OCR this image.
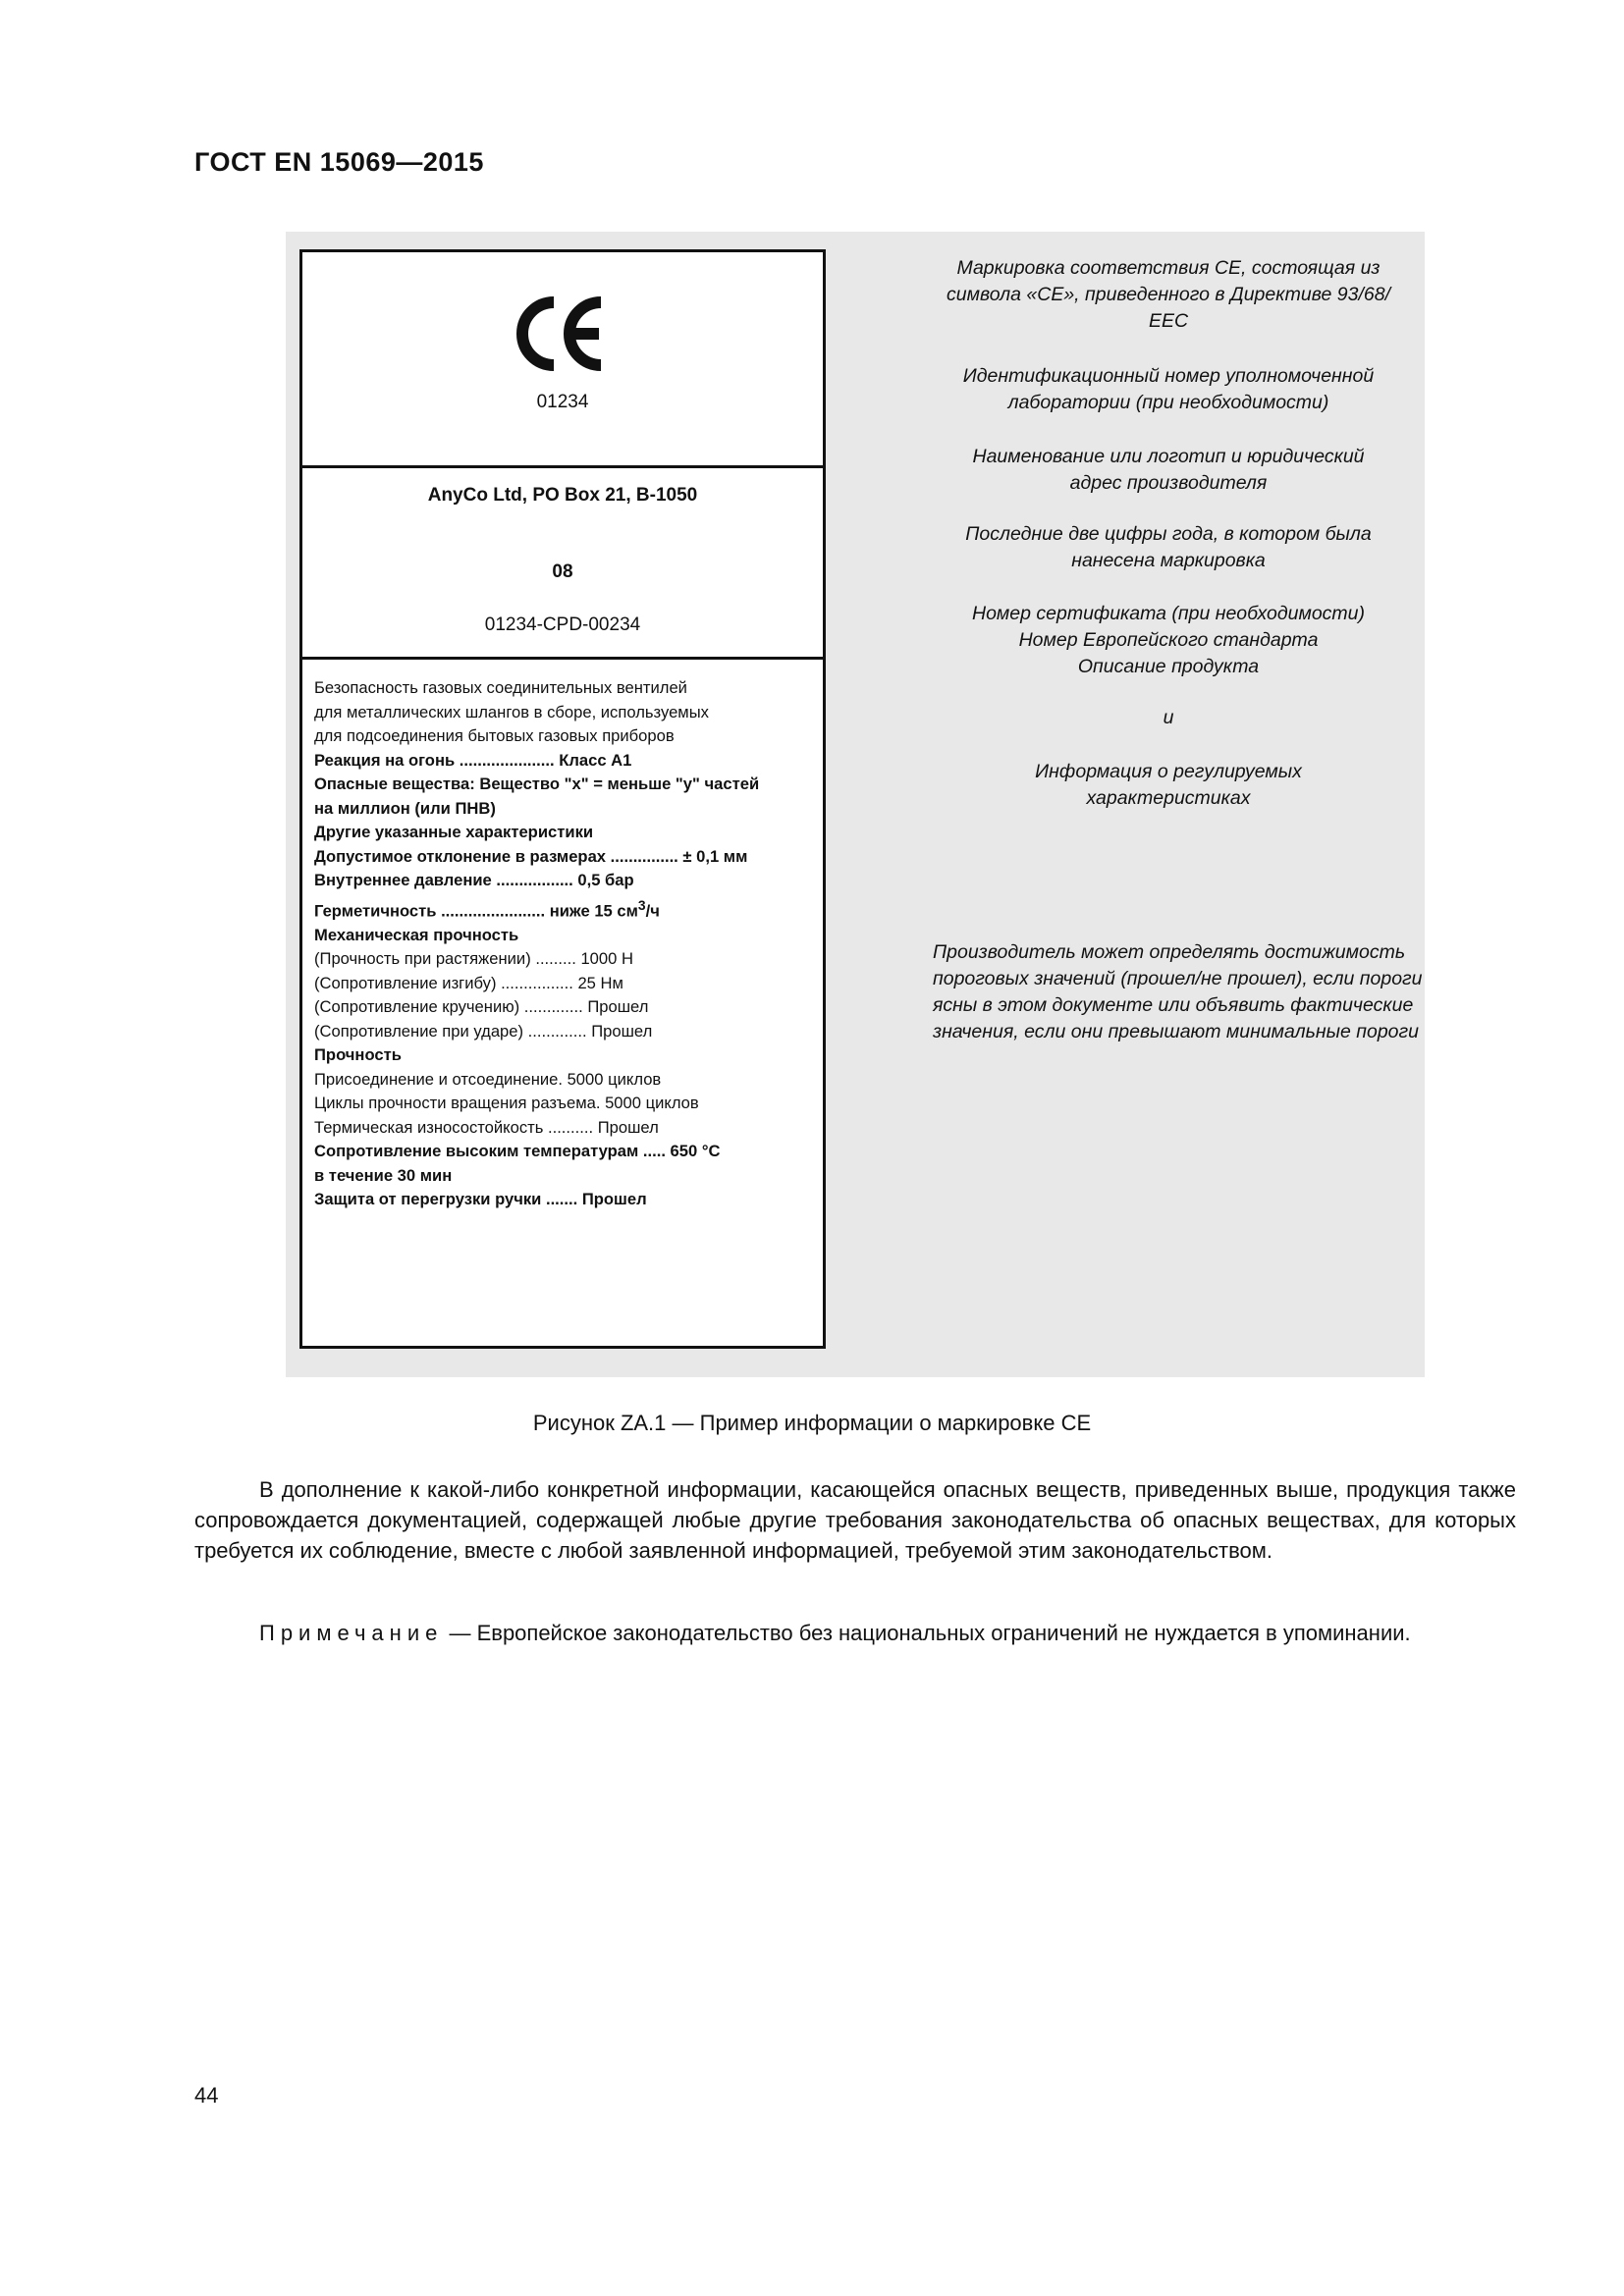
ГОСТ EN 15069—2015
01234
AnyCo Ltd, PO Box 21, B-1050
08
01234-CPD-00234
Безопасность газовых соединительных вентилей
для металлических шлангов в сборе, используемых
для подсоединения бытовых газовых приборов
Реакция на огонь ..................... Класс А1
Опасные вещества: Вещество "х" = меньше "у" частей
на миллион (или ПНВ)
Другие указанные характеристики
Допустимое отклонение в размерах ............... ± 0,1 мм
Внутреннее давление ................. 0,5 бар
Герметичность ....................... ниже 15 $см^3/ч$
Механическая прочность
(Прочность при растяжении) ......... 1000 Н
(Сопротивление изгибу) ................ 25 Нм
(Сопротивление кручению) ............. Прошел
(Сопротивление при ударе) ............. Прошел
Прочность
Присоединение и отсоединение. 5000 циклов
Циклы прочности вращения разъема. 5000 циклов
Термическая износостойкость .......... Прошел
Сопротивление высоким температурам ..... 650 °С
в течение 30 мин
Защита от перегрузки ручки ....... Прошел
Маркировка соответствия СЕ, состоящая из символа «СЕ», приведенного в Директиве 93/68/ЕЕС
Идентификационный номер уполномоченной лаборатории (при необходимости)
Наименование или логотип и юридический адрес производителя
Последние две цифры года, в котором была нанесена маркировка
Номер сертификата (при необходимости)
Номер Европейского стандарта
Описание продукта
и
Информация о регулируемых характеристиках
Производитель может определять достижимость пороговых значений (прошел/не прошел), если пороги ясны в этом документе или объявить фактические значения, если они превышают минимальные пороги
Рисунок ZA.1 — Пример информации о маркировке СЕ
В дополнение к какой-либо конкретной информации, касающейся опасных веществ, приведенных выше, продукция также сопровождается документацией, содержащей любые другие требования законодательства об опасных веществах, для которых требуется их соблюдение, вместе с любой заявленной информацией, требуемой этим законодательством.
Примечание — Европейское законодательство без национальных ограничений не нуждается в упоминании.
44
